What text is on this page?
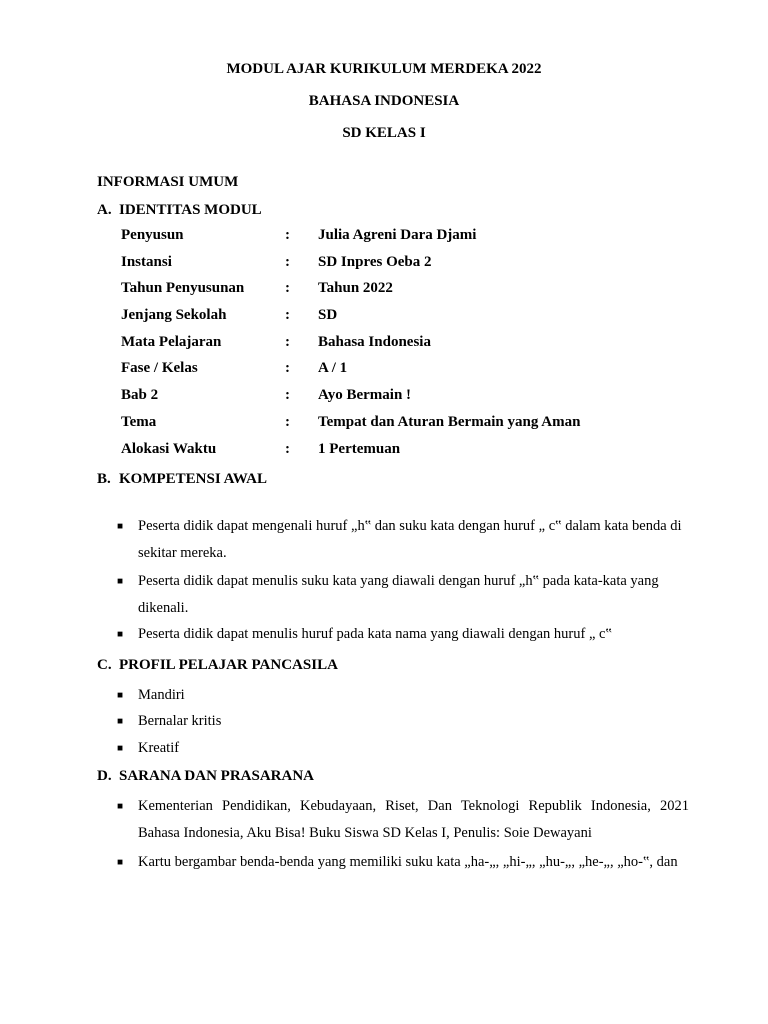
MODUL AJAR KURIKULUM MERDEKA 2022
BAHASA INDONESIA
SD KELAS I
INFORMASI UMUM
A. IDENTITAS MODUL
Penyusun	: Julia Agreni Dara Djami
Instansi	: SD Inpres Oeba 2
Tahun Penyusunan	: Tahun 2022
Jenjang Sekolah	: SD
Mata Pelajaran	: Bahasa Indonesia
Fase / Kelas	: A / 1
Bab 2	: Ayo Bermain !
Tema	: Tempat dan Aturan Bermain yang Aman
Alokasi Waktu	: 1 Pertemuan
B. KOMPETENSI AWAL
■ Peserta didik dapat mengenali huruf „h‟ dan suku kata dengan huruf „ c‟ dalam kata benda di sekitar mereka.
■ Peserta didik dapat menulis suku kata yang diawali dengan huruf „h‟ pada kata-kata yang dikenali.
■ Peserta didik dapat menulis huruf pada kata nama yang diawali dengan huruf „ c‟
C. PROFIL PELAJAR PANCASILA
■ Mandiri
■ Bernalar kritis
■ Kreatif
D. SARANA DAN PRASARANA
■ Kementerian Pendidikan, Kebudayaan, Riset, Dan Teknologi Republik Indonesia, 2021 Bahasa Indonesia, Aku Bisa! Buku Siswa SD Kelas I, Penulis: Soie Dewayani
■ Kartu bergambar benda-benda yang memiliki suku kata „ha-„, „hi-„, „hu-„, „he-„, „ho-‟, dan
